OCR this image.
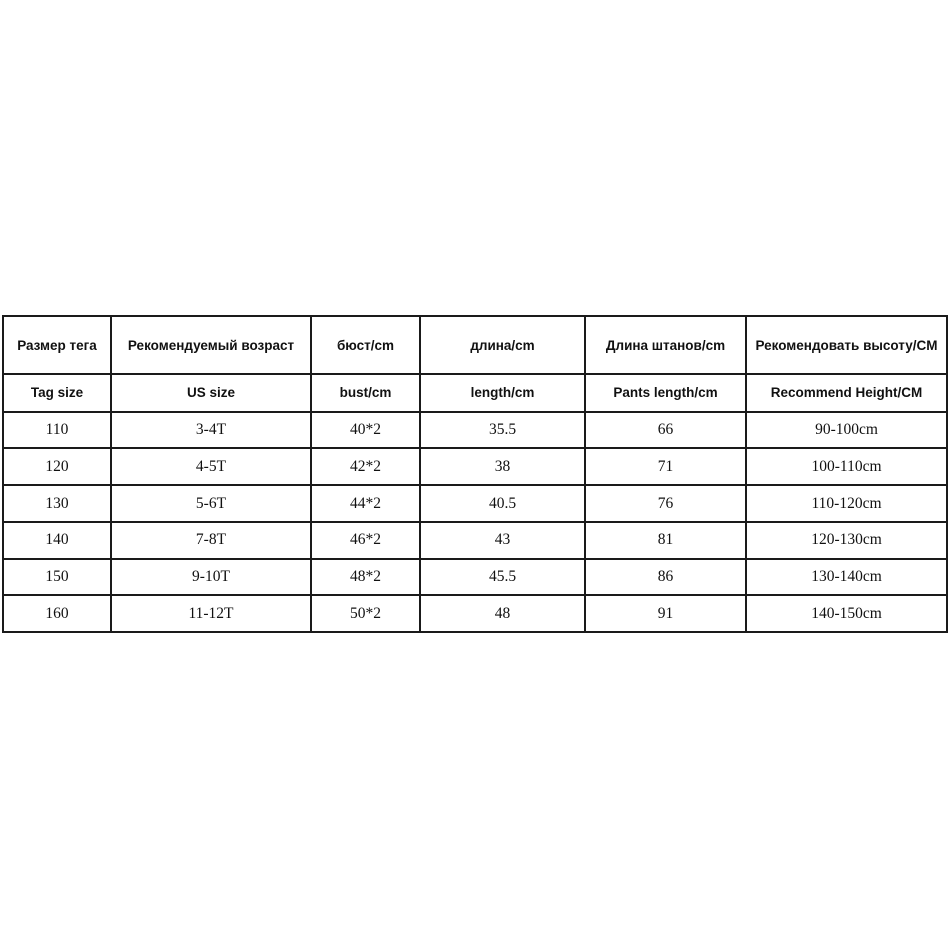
Размер тега	Рекомендуемый возраст	бюст/cm	длина/cm	Длина штанов/cm	Рекомендовать высоту/CM
Tag size	US size	bust/cm	length/cm	Pants length/cm	Recommend Height/CM
110	3-4T	40*2	35.5	66	90-100cm
120	4-5T	42*2	38	71	100-110cm
130	5-6T	44*2	40.5	76	110-120cm
140	7-8T	46*2	43	81	120-130cm
150	9-10T	48*2	45.5	86	130-140cm
160	11-12T	50*2	48	91	140-150cm
